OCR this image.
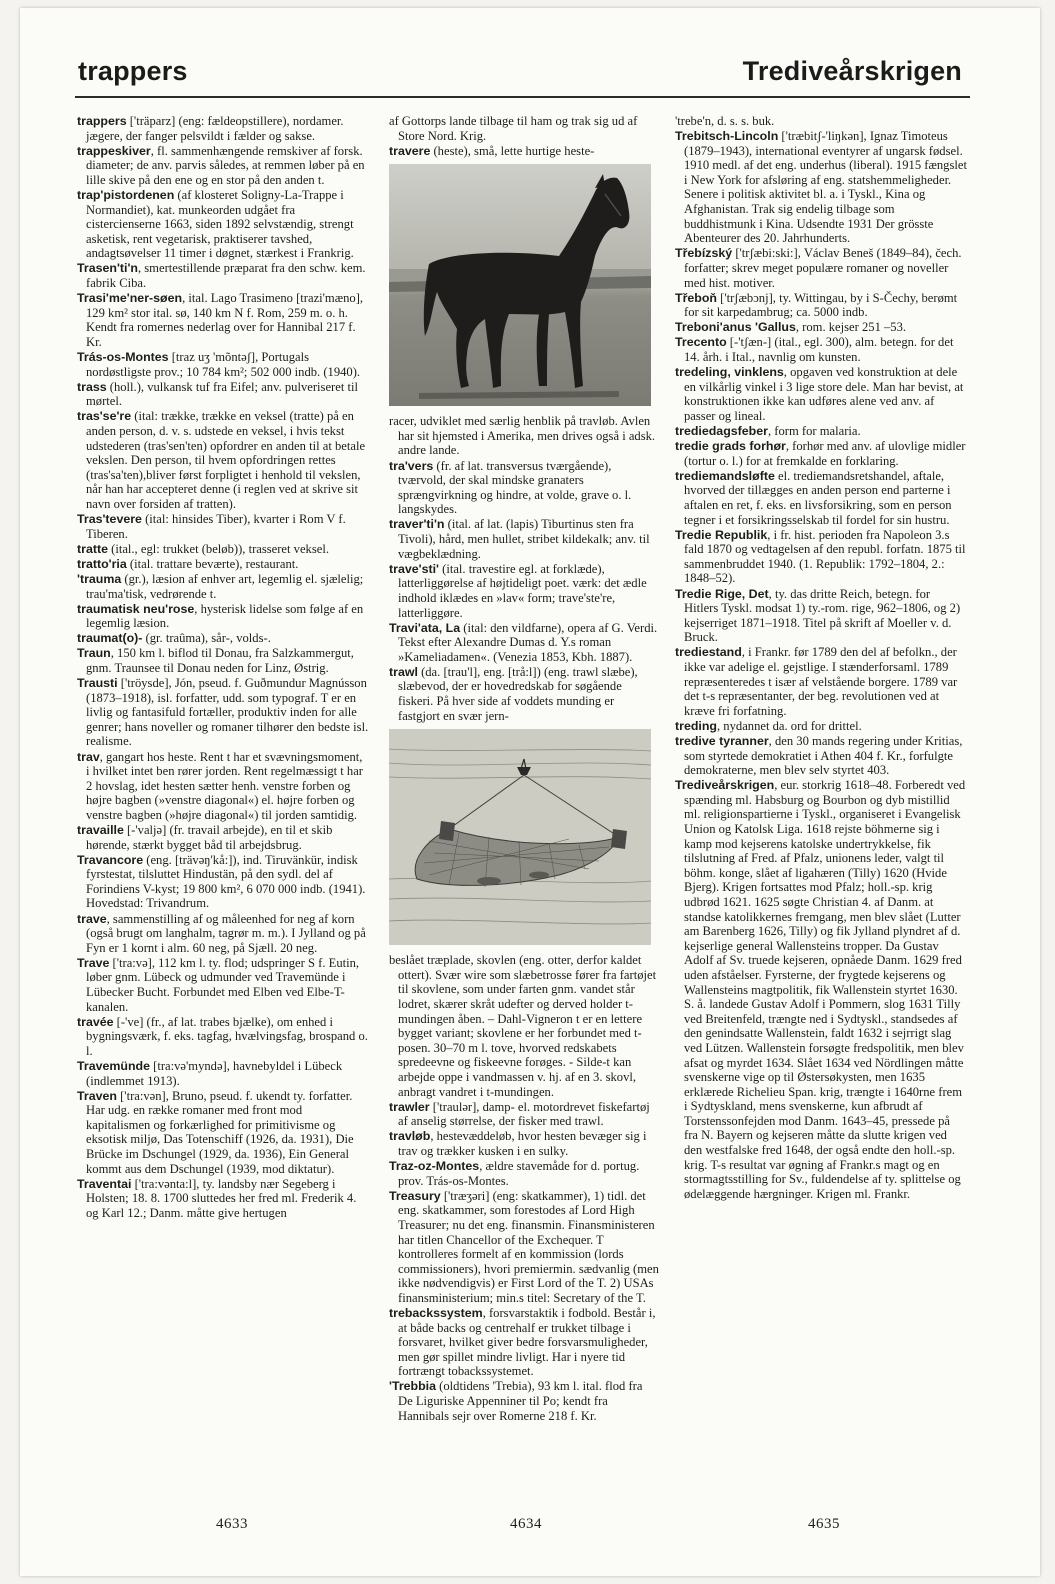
trappers	Trediveårskrigen

trappers ['träparz] (eng: fældeopstillere), nordamer. jægere, der fanger pelsvildt i fælder og sakse.

trappeskiver, fl. sammenhængende remskiver af forsk. diameter; de anv. parvis således, at remmen løber på en lille skive på den ene og en stor på den anden t.

trap'pistordenen (af klosteret Soligny-La-Trappe i Normandiet), kat. munkeorden udgået fra cistercienserne 1663, siden 1892 selvstændig, strengt asketisk, rent vegetarisk, praktiserer tavshed, andagtsøvelser 11 timer i døgnet, stærkest i Frankrig.

Trasen'ti'n, smertestillende præparat fra den schw. kem. fabrik Ciba.

Trasi'me'ner-søen, ital. Lago Trasimeno [trazi'mæno], 129 km² stor ital. sø, 140 km N f. Rom, 259 m. o. h. Kendt fra romernes nederlag over for Hannibal 217 f. Kr.

Trás-os-Montes [traz uʒ 'mõntəʃ], Portugals nordøstligste prov.; 10 784 km²; 502 000 indb. (1940).

trass (holl.), vulkansk tuf fra Eifel; anv. pulveriseret til mørtel.

tras'se're (ital: trække, trække en veksel (tratte) på en anden person, d. v. s. udstede en veksel, i hvis tekst udstederen (tras'sen'ten) opfordrer en anden til at betale vekslen. Den person, til hvem opfordringen rettes (tras'sa'ten),bliver først forpligtet i henhold til vekslen, når han har accepteret denne (i reglen ved at skrive sit navn over forsiden af tratten).

Tras'tevere (ital: hinsides Tiber), kvarter i Rom V f. Tiberen.

tratte (ital., egl: trukket (beløb)), trasseret veksel.

tratto'ria (ital. trattare beværte), restaurant.

'trauma (gr.), læsion af enhver art, legemlig el. sjælelig; trau'ma'tisk, vedrørende t.

traumatisk neu'rose, hysterisk lidelse som følge af en legemlig læsion.

traumat(o)- (gr. traûma), sår-, volds-.

Traun, 150 km l. biflod til Donau, fra Salzkammergut, gnm. Traunsee til Donau neden for Linz, Østrig.

Trausti ['tröysde], Jón, pseud. f. Guðmundur Magnússon (1873–1918), isl. forfatter, udd. som typograf. T er en livlig og fantasifuld fortæller, produktiv inden for alle genrer; hans noveller og romaner tilhører den bedste isl. realisme.

trav, gangart hos heste. Rent t har et svævningsmoment, i hvilket intet ben rører jorden. Rent regelmæssigt t har 2 hovslag, idet hesten sætter henh. venstre forben og højre bagben (»venstre diagonal«) el. højre forben og venstre bagben (»højre diagonal«) til jorden samtidig.

travaille [-'valjə] (fr. travail arbejde), en til et skib hørende, stærkt bygget båd til arbejdsbrug.

Travancore (eng. [trävəŋ'kå:]), ind. Tiruvänkür, indisk fyrstestat, tilsluttet Hindustän, på den sydl. del af Forindiens V-kyst; 19 800 km², 6 070 000 indb. (1941). Hovedstad: Trivandrum.

trave, sammenstilling af og måleenhed for neg af korn (også brugt om langhalm, tagrør m. m.). I Jylland og på Fyn er 1 kornt i alm. 60 neg, på Sjæll. 20 neg.

Trave ['tra:və], 112 km l. ty. flod; udspringer S f. Eutin, løber gnm. Lübeck og udmunder ved Travemünde i Lübecker Bucht. Forbundet med Elben ved Elbe-T-kanalen.

travée [-'ve] (fr., af lat. trabes bjælke), om enhed i bygningsværk, f. eks. tagfag, hvælvingsfag, brospand o. l.

Travemünde [tra:və'myndə], havnebyldel i Lübeck (indlemmet 1913).

Traven ['tra:vən], Bruno, pseud. f. ukendt ty. forfatter. Har udg. en række romaner med front mod kapitalismen og forkærlighed for primitivisme og eksotisk miljø, Das Totenschiff (1926, da. 1931), Die Brücke im Dschungel (1929, da. 1936), Ein General kommt aus dem Dschungel (1939, mod diktatur).

Traventai ['tra:vənta:l], ty. landsby nær Segeberg i Holsten; 18. 8. 1700 sluttedes her fred ml. Frederik 4. og Karl 12.; Danm. måtte give hertugen

af Gottorps lande tilbage til ham og trak sig ud af Store Nord. Krig.

travere (heste), små, lette hurtige heste-

racer, udviklet med særlig henblik på travløb. Avlen har sit hjemsted i Amerika, men drives også i adsk. andre lande.

tra'vers (fr. af lat. transversus tværgående), tværvold, der skal mindske granaters sprængvirkning og hindre, at volde, grave o. l. langskydes.

traver'ti'n (ital. af lat. (lapis) Tiburtinus sten fra Tivoli), hård, men hullet, stribet kildekalk; anv. til vægbeklædning.

trave'sti' (ital. travestire egl. at forklæde), latterliggørelse af højtideligt poet. værk: det ædle indhold iklædes en »lav« form; trave'ste're, latterliggøre.

Travi'ata, La (ital: den vildfarne), opera af G. Verdi. Tekst efter Alexandre Dumas d. Y.s roman »Kameliadamen«. (Venezia 1853, Kbh. 1887).

trawl (da. [trau'l], eng. [trå:l]) (eng. trawl slæbe), slæbevod, der er hovedredskab for søgående fiskeri. På hver side af voddets munding er fastgjort en svær jern-

beslået træplade, skovlen (eng. otter, derfor kaldet ottert). Svær wire som slæbetrosse fører fra fartøjet til skovlene, som under farten gnm. vandet står lodret, skærer skråt udefter og derved holder t-mundingen åben. – Dahl-Vigneron t er en lettere bygget variant; skovlene er her forbundet med t-posen. 30–70 m l. tove, hvorved redskabets spredeevne og fiskeevne forøges. - Silde-t kan arbejde oppe i vandmassen v. hj. af en 3. skovl, anbragt vandret i t-mundingen.

trawler ['traulər], damp- el. motordrevet fiskefartøj af anselig størrelse, der fisker med trawl.

travløb, hestevæddeløb, hvor hesten bevæger sig i trav og trækker kusken i en sulky.

Traz-oz-Montes, ældre stavemåde for d. portug. prov. Trás-os-Montes.

Treasury ['træʒəri] (eng: skatkammer), 1) tidl. det eng. skatkammer, som forestodes af Lord High Treasurer; nu det eng. finansmin. Finansministeren har titlen Chancellor of the Exchequer. T kontrolleres formelt af en kommission (lords commissioners), hvori premiermin. sædvanlig (men ikke nødvendigvis) er First Lord of the T. 2) USAs finansministerium; min.s titel: Secretary of the T.

trebackssystem, forsvarstaktik i fodbold. Består i, at både backs og centrehalf er trukket tilbage i forsvaret, hvilket giver bedre forsvarsmuligheder, men gør spillet mindre livligt. Har i nyere tid fortrængt tobackssystemet.

'Trebbia (oldtidens 'Trebia), 93 km l. ital. flod fra De Liguriske Appenniner til Po; kendt fra Hannibals sejr over Romerne 218 f. Kr.

'trebe'n, d. s. s. buk.

Trebitsch-Lincoln ['træbitʃ-'liŋkən], Ignaz Timoteus (1879–1943), international eventyrer af ungarsk fødsel. 1910 medl. af det eng. underhus (liberal). 1915 fængslet i New York for afsløring af eng. statshemmeligheder. Senere i politisk aktivitet bl. a. i Tyskl., Kina og Afghanistan. Trak sig endelig tilbage som buddhistmunk i Kina. Udsendte 1931 Der grösste Abenteurer des 20. Jahrhunderts.

Třebízský ['trʃæbi:ski:], Václav Beneš (1849–84), čech. forfatter; skrev meget populære romaner og noveller med hist. motiver.

Třeboň ['trʃæbɔnj], ty. Wittingau, by i S-Čechy, berømt for sit karpedambrug; ca. 5000 indb.

Treboni'anus 'Gallus, rom. kejser 251 –53.

Trecento [-'tʃæn-] (ital., egl. 300), alm. betegn. for det 14. årh. i Ital., navnlig om kunsten.

tredeling, vinklens, opgaven ved konstruktion at dele en vilkårlig vinkel i 3 lige store dele. Man har bevist, at konstruktionen ikke kan udføres alene ved anv. af passer og lineal.

trediedagsfeber, form for malaria.

tredie grads forhør, forhør med anv. af ulovlige midler (tortur o. l.) for at fremkalde en forklaring.

trediemandsløfte el. trediemandsretshandel, aftale, hvorved der tillægges en anden person end parterne i aftalen en ret, f. eks. en livsforsikring, som en person tegner i et forsikringsselskab til fordel for sin hustru.

Tredie Republik, i fr. hist. perioden fra Napoleon 3.s fald 1870 og vedtagelsen af den republ. forfatn. 1875 til sammenbruddet 1940. (1. Republik: 1792–1804, 2.: 1848–52).

Tredie Rige, Det, ty. das dritte Reich, betegn. for Hitlers Tyskl. modsat 1) ty.-rom. rige, 962–1806, og 2) kejserriget 1871–1918. Titel på skrift af Moeller v. d. Bruck.

trediestand, i Frankr. før 1789 den del af befolkn., der ikke var adelige el. gejstlige. I stænderforsaml. 1789 repræsenteredes t især af velstående borgere. 1789 var det t-s repræsentanter, der beg. revolutionen ved at kræve fri forfatning.

treding, nydannet da. ord for drittel.

tredive tyranner, den 30 mands regering under Kritias, som styrtede demokratiet i Athen 404 f. Kr., forfulgte demokraterne, men blev selv styrtet 403.

Trediveårskrigen, eur. storkrig 1618–48. Forberedt ved spænding ml. Habsburg og Bourbon og dyb mistillid ml. religionspartierne i Tyskl., organiseret i Evangelisk Union og Katolsk Liga. 1618 rejste böhmerne sig i kamp mod kejserens katolske undertrykkelse, fik tilslutning af Fred. af Pfalz, unionens leder, valgt til böhm. konge, slået af ligahæren (Tilly) 1620 (Hvide Bjerg). Krigen fortsattes mod Pfalz; holl.-sp. krig udbrød 1621. 1625 søgte Christian 4. af Danm. at standse katolikkernes fremgang, men blev slået (Lutter am Barenberg 1626, Tilly) og fik Jylland plyndret af d. kejserlige general Wallensteins tropper. Da Gustav Adolf af Sv. truede kejseren, opnåede Danm. 1629 fred uden afståelser. Fyrsterne, der frygtede kejserens og Wallensteins magtpolitik, fik Wallenstein styrtet 1630. S. å. landede Gustav Adolf i Pommern, slog 1631 Tilly ved Breitenfeld, trængte ned i Sydtyskl., standsedes af den genindsatte Wallenstein, faldt 1632 i sejrrigt slag ved Lützen. Wallenstein forsøgte fredspolitik, men blev afsat og myrdet 1634. Slået 1634 ved Nördlingen måtte svenskerne vige op til Østersøkysten, men 1635 erklærede Richelieu Span. krig, trængte i 1640rne frem i Sydtyskland, mens svenskerne, kun afbrudt af Torstenssonfejden mod Danm. 1643–45, pressede på fra N. Bayern og kejseren måtte da slutte krigen ved den westfalske fred 1648, der også endte den holl.-sp. krig. T-s resultat var øgning af Frankr.s magt og en stormagtsstilling for Sv., fuldendelse af ty. splittelse og ødelæggende hærgninger. Krigen ml. Frankr.

4633	4634	4635
